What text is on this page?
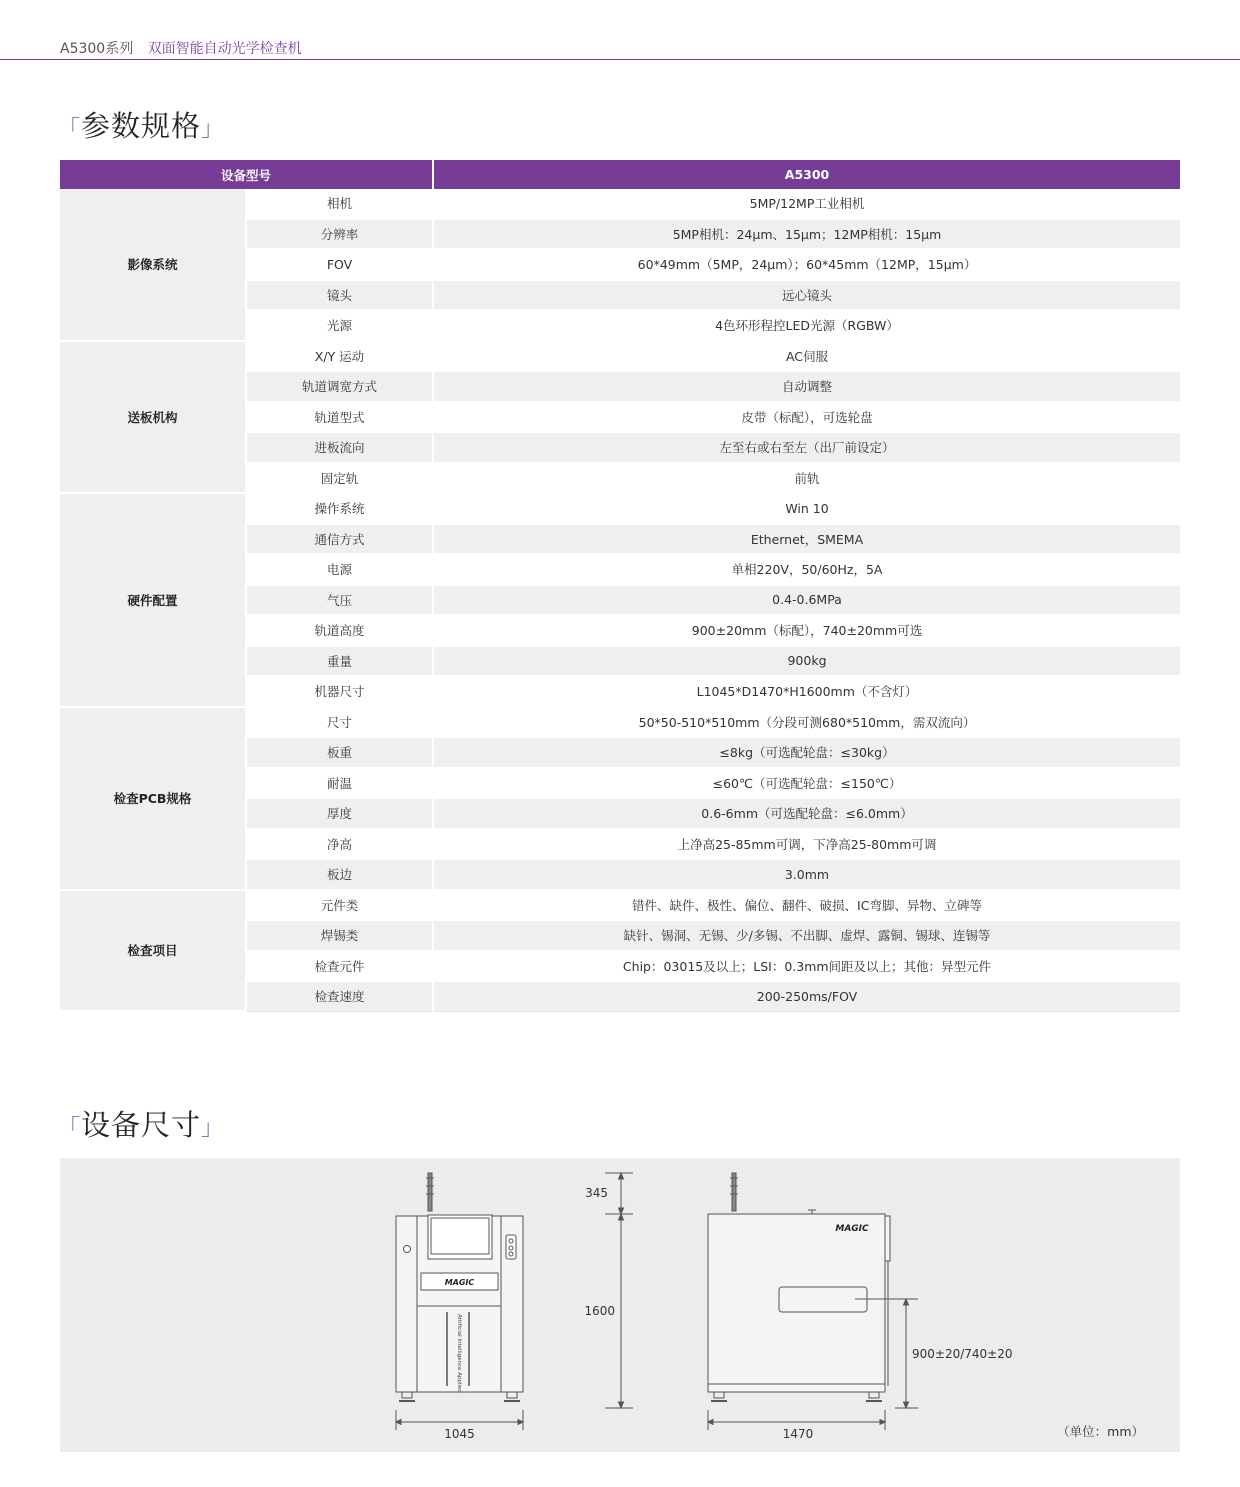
A5300系列 双面智能自动光学检查机
「参数规格」
设备型号		A5300
影像系统	相机	5MP/12MP工业相机
	分辨率	5MP相机：24μm、15μm；12MP相机：15μm
	FOV	60*49mm（5MP，24μm）；60*45mm（12MP，15μm）
	镜头	远心镜头
	光源	4色环形程控LED光源（RGBW）
送板机构	X/Y 运动	AC伺服
	轨道调宽方式	自动调整
	轨道型式	皮带（标配），可选轮盘
	进板流向	左至右或右至左（出厂前设定）
	固定轨	前轨
硬件配置	操作系统	Win 10
	通信方式	Ethernet，SMEMA
	电源	单相220V，50/60Hz，5A
	气压	0.4-0.6MPa
	轨道高度	900±20mm（标配），740±20mm可选
	重量	900kg
	机器尺寸	L1045*D1470*H1600mm（不含灯）
检查PCB规格	尺寸	50*50-510*510mm（分段可测680*510mm，需双流向）
	板重	≤8kg（可选配轮盘：≤30kg）
	耐温	≤60℃（可选配轮盘：≤150℃）
	厚度	0.6-6mm（可选配轮盘：≤6.0mm）
	净高	上净高25-85mm可调，下净高25-80mm可调
	板边	3.0mm
检查项目	元件类	错件、缺件、极性、偏位、翻件、破损、IC弯脚、异物、立碑等
	焊锡类	缺针、锡洞、无锡、少/多锡、不出脚、虚焊、露铜、锡球、连锡等
	检查元件	Chip：03015及以上；LSI：0.3mm间距及以上；其他：异型元件
	检查速度	200-250ms/FOV
「设备尺寸」
MAGIC
Artificial Intelligence Applied
1045
345
1600
MAGIC
1470
900±20/740±20
（单位：mm）
